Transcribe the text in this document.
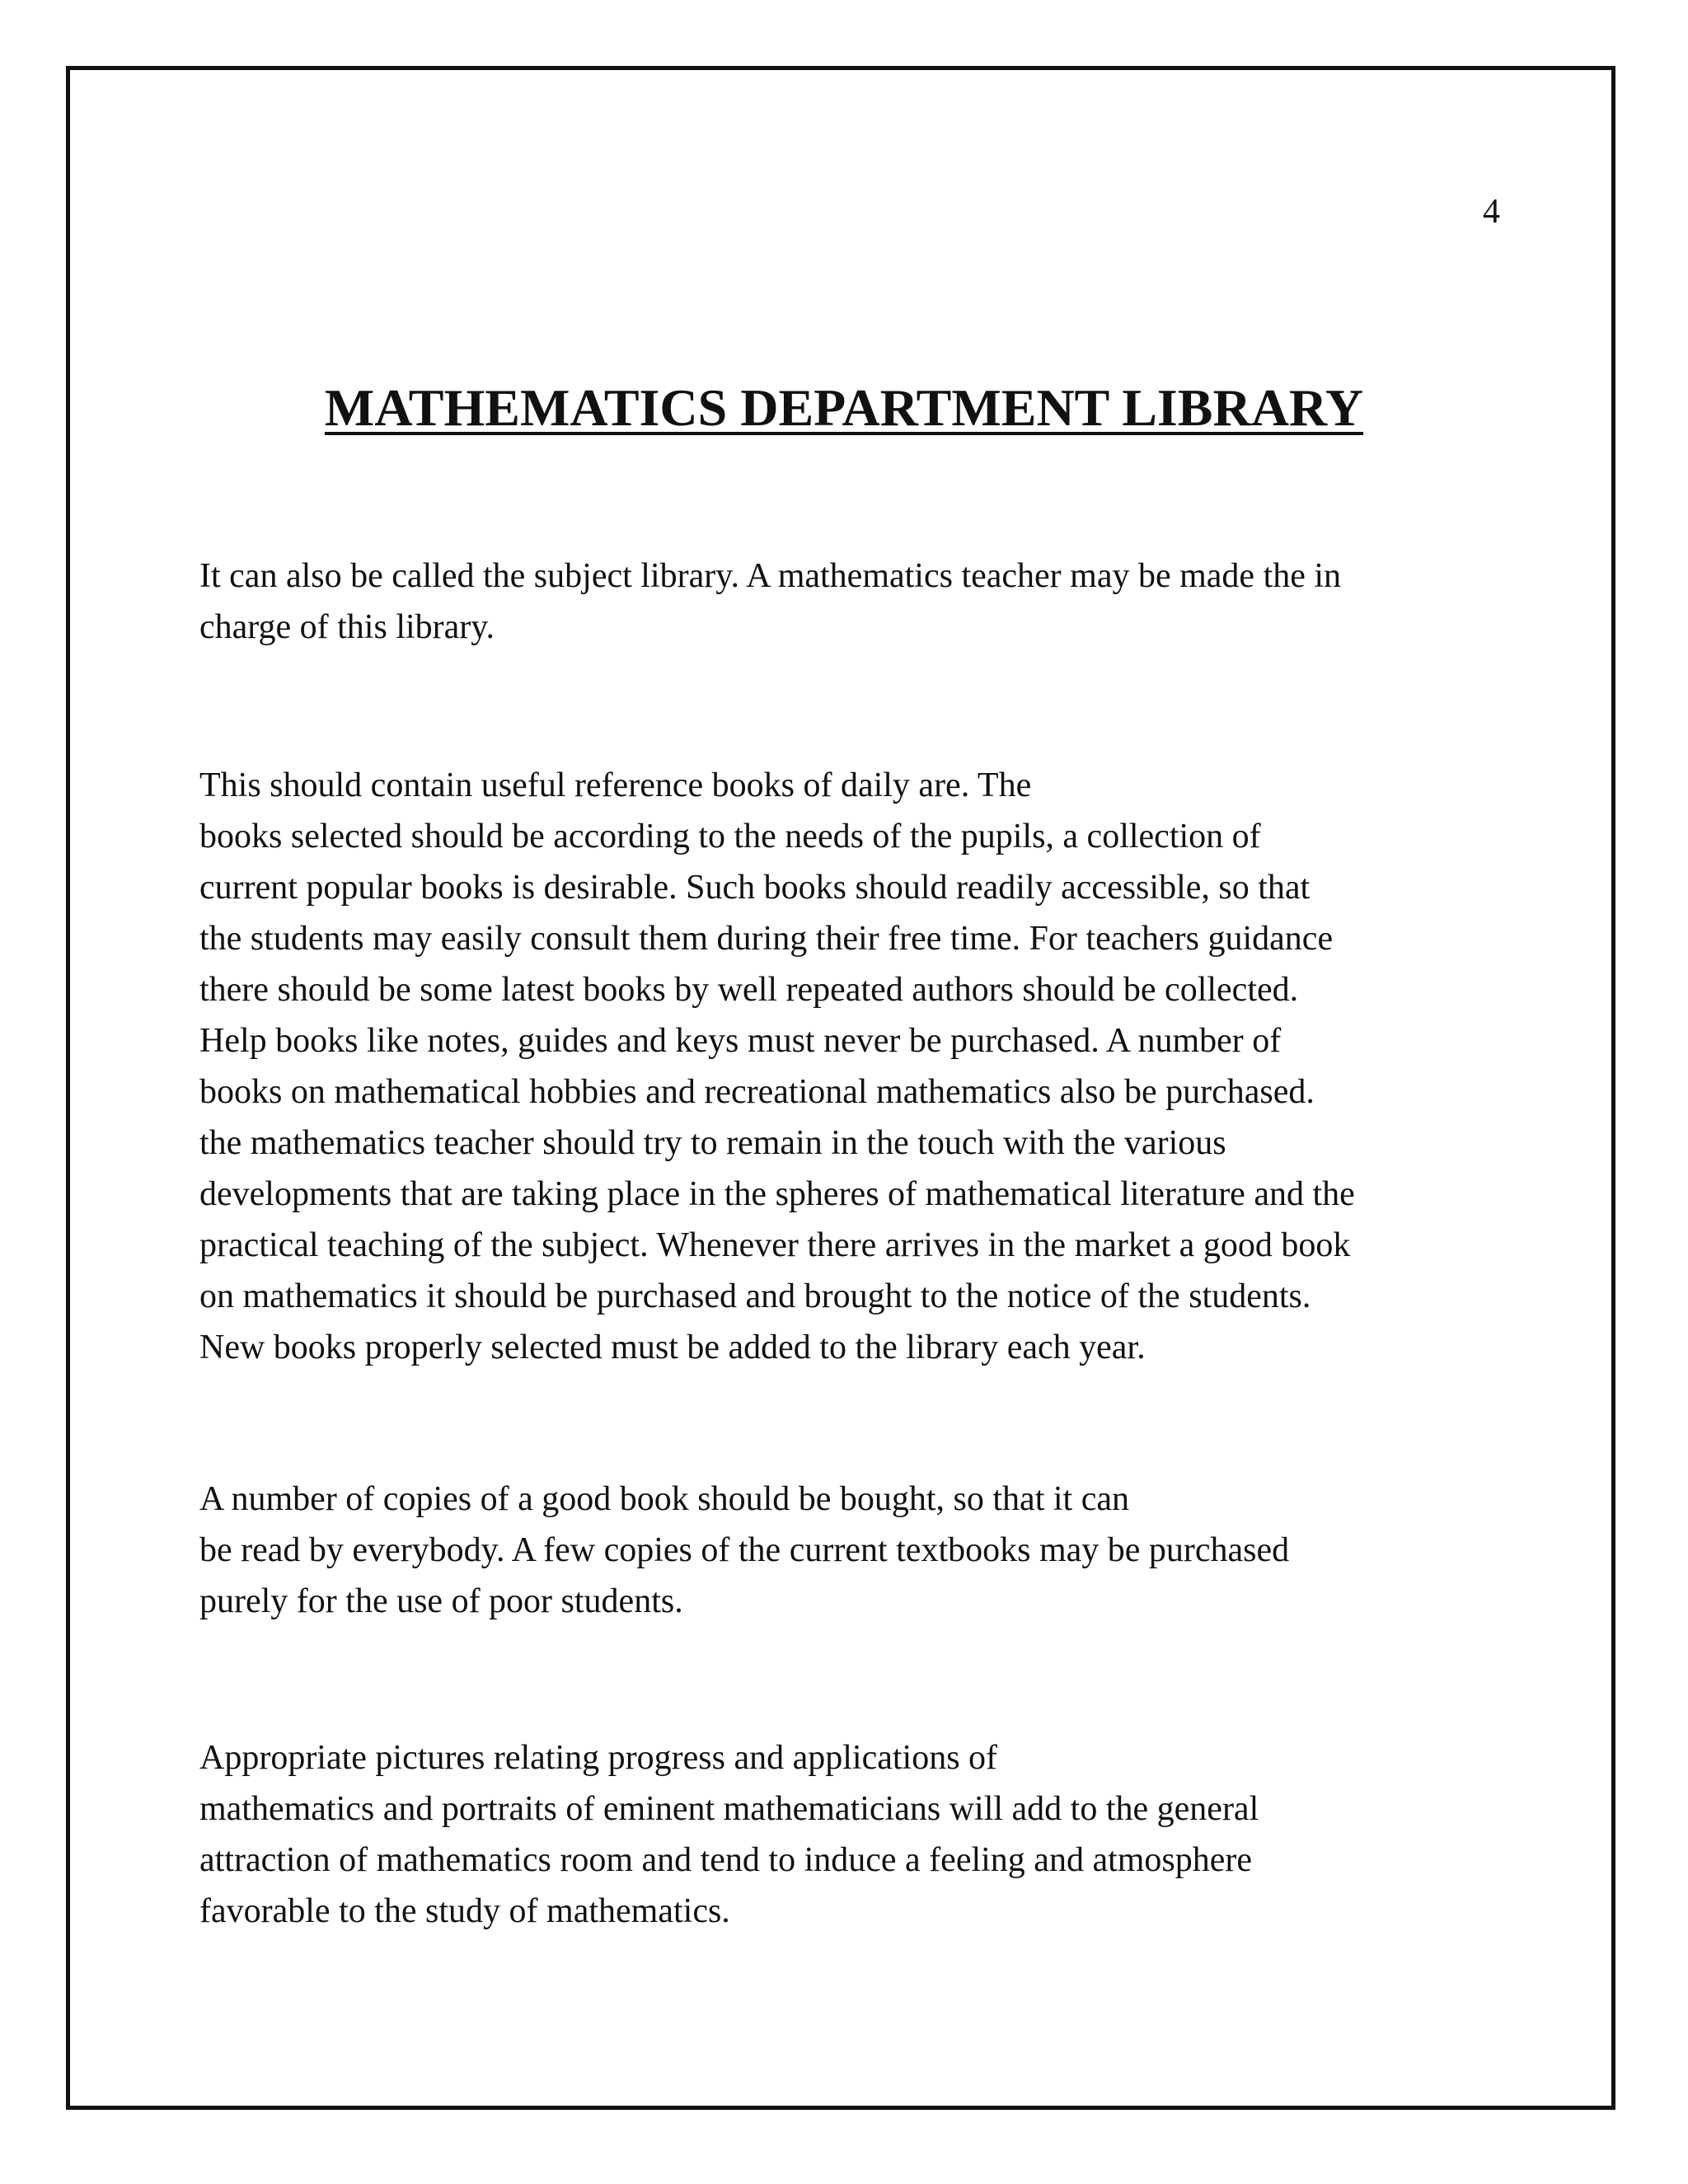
4
MATHEMATICS DEPARTMENT LIBRARY

It can also be called the subject library. A mathematics teacher may be made the in
charge of this library.

This should contain useful reference books of daily are. The
books selected should be according to the needs of the pupils, a collection of
current popular books is desirable. Such books should readily accessible, so that
the students may easily consult them during their free time. For teachers guidance
there should be some latest books by well repeated authors should be collected.
Help books like notes, guides and keys must never be purchased. A number of
books on mathematical hobbies and recreational mathematics also be purchased.
the mathematics teacher should try to remain in the touch with the various
developments that are taking place in the spheres of mathematical literature and the
practical teaching of the subject. Whenever there arrives in the market a good book
on mathematics it should be purchased and brought to the notice of the students.
New books properly selected must be added to the library each year.

A number of copies of a good book should be bought, so that it can
be read by everybody. A few copies of the current textbooks may be purchased
purely for the use of poor students.

Appropriate pictures relating progress and applications of
mathematics and portraits of eminent mathematicians will add to the general
attraction of mathematics room and tend to induce a feeling and atmosphere
favorable to the study of mathematics.
